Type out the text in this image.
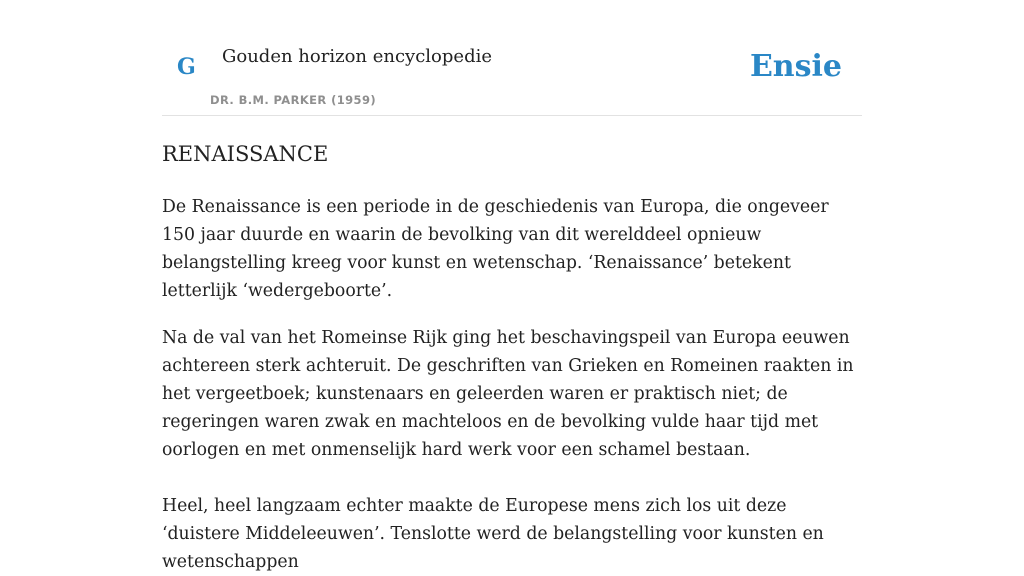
G Gouden horizon encyclopedie
DR. B.M. PARKER (1959)
Ensie
RENAISSANCE

De Renaissance is een periode in de geschiedenis van Europa, die ongeveer 150 jaar duurde en waarin de bevolking van dit werelddeel opnieuw belangstelling kreeg voor kunst en wetenschap. ‘Renaissance’ betekent letterlijk ‘wedergeboorte’.

Na de val van het Romeinse Rijk ging het beschavingspeil van Europa eeuwen achtereen sterk achteruit. De geschriften van Grieken en Romeinen raakten in het vergeetboek; kunstenaars en geleerden waren er praktisch niet; de regeringen waren zwak en machteloos en de bevolking vulde haar tijd met oorlogen en met onmenselijk hard werk voor een schamel bestaan.

Heel, heel langzaam echter maakte de Europese mens zich los uit deze ‘duistere Middeleeuwen’. Tenslotte werd de belangstelling voor kunsten en wetenschappen
